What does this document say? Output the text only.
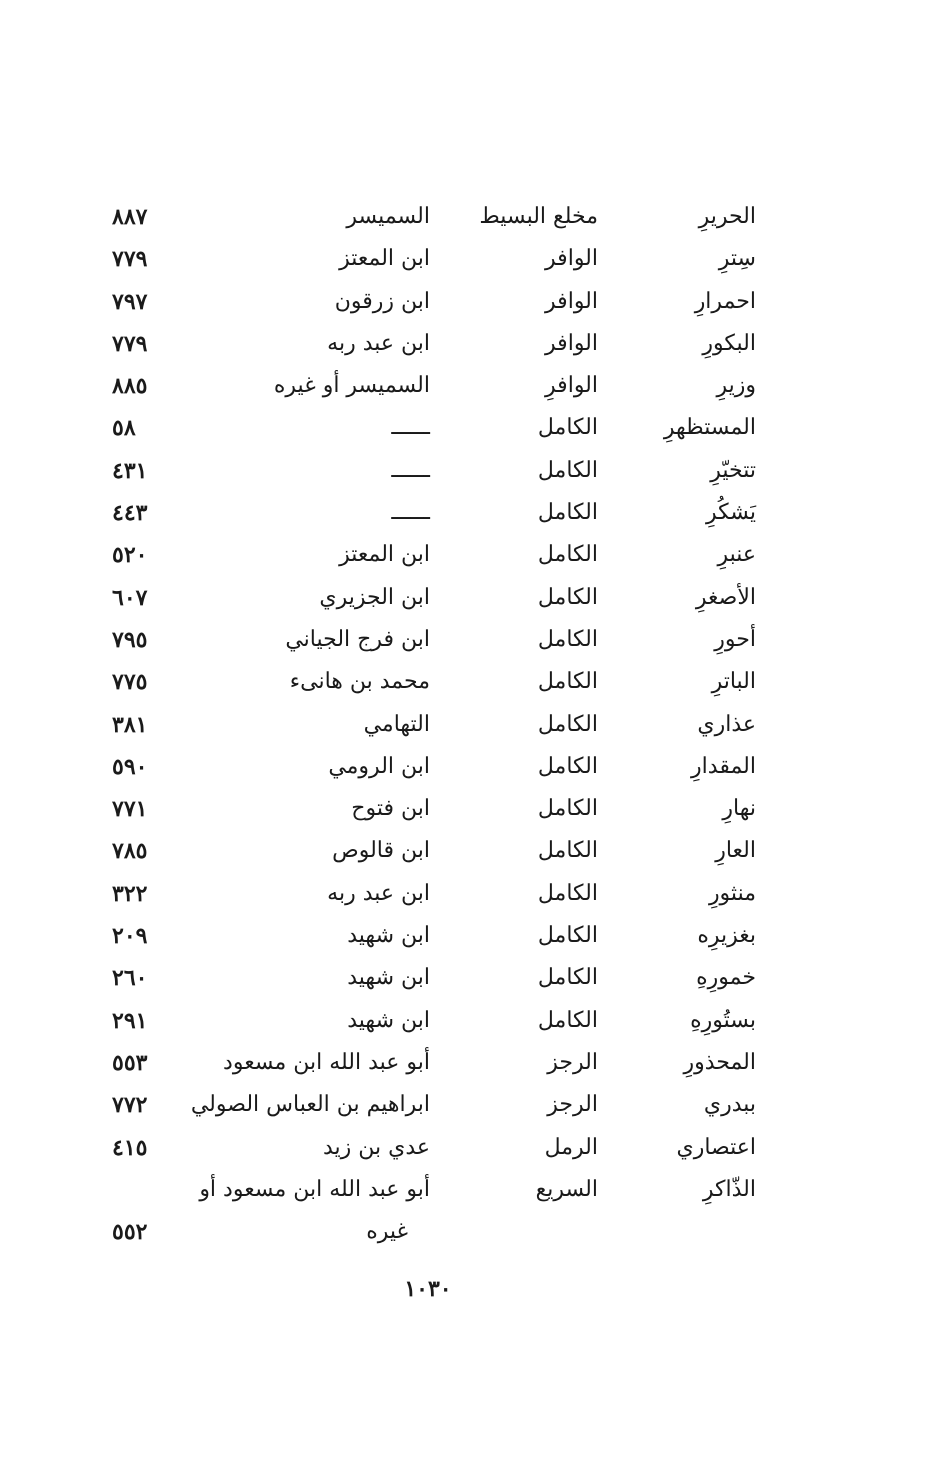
الحريرِ
مخلع البسيط
السميسر
٨٨٧
سِترِ
الوافر
ابن المعتز
٧٧٩
احمرارِ
الوافر
ابن زرقون
٧٩٧
البكورِ
الوافر
ابن عبد ربه
٧٧٩
وزيرِ
الوافرِ
السميسر أو غيره
٨٨٥
المستظهرِ
الكامل
ــــــ
٥٨
تتخيّرِ
الكامل
ــــــ
٤٣١
يَشكُرِ
الكامل
ــــــ
٤٤٣
عنبرِ
الكامل
ابن المعتز
٥٢٠
الأصغرِ
الكامل
ابن الجزيري
٦٠٧
أحورِ
الكامل
ابن فرج الجياني
٧٩٥
الباترِ
الكامل
محمد بن هانىء
٧٧٥
عذاري
الكامل
التهامي
٣٨١
المقدارِ
الكامل
ابن الرومي
٥٩٠
نهارِ
الكامل
ابن فتوح
٧٧١
العارِ
الكامل
ابن قالوص
٧٨٥
منثورِ
الكامل
ابن عبد ربه
٣٢٢
بغزيرِه
الكامل
ابن شهيد
٢٠٩
خمورِهِ
الكامل
ابن شهيد
٢٦٠
بستُورِهِ
الكامل
ابن شهيد
٢٩١
المحذورِ
الرجز
أبو عبد الله ابن مسعود
٥٥٣
ببدري
الرجز
ابراهيم بن العباس الصولي
٧٧٢
اعتصاري
الرمل
عدي بن زيد
٤١٥
الذّاكرِ
السريع
أبو عبد الله ابن مسعود أو
غيره
٥٥٢
١٠٣٠
